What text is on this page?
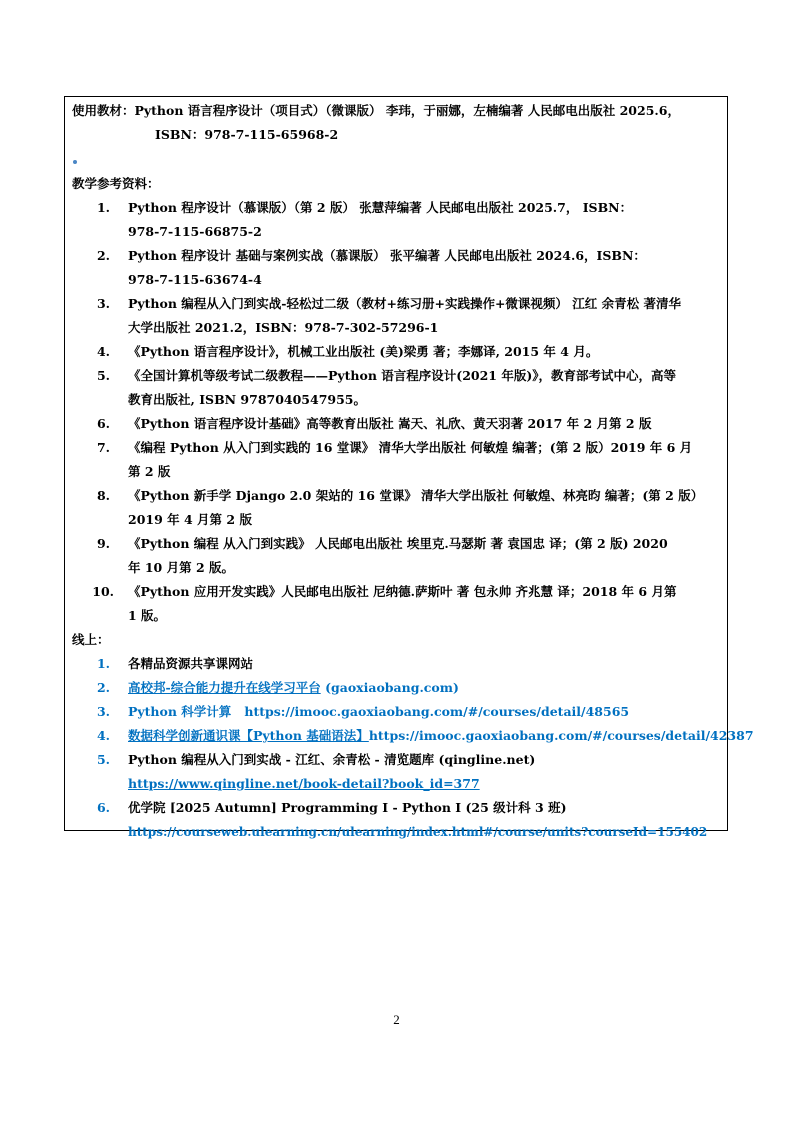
使用教材：Python 语言程序设计（项目式）（微课版） 李玮，于丽娜，左楠编著 人民邮电出版社 2025.6，
ISBN：978-7-115-65968-2
教学参考资料：
1. Python 程序设计（慕课版）（第 2 版） 张慧萍编著 人民邮电出版社 2025.7， ISBN：
978-7-115-66875-2
2. Python 程序设计 基础与案例实战（慕课版） 张平编著 人民邮电出版社 2024.6，ISBN：
978-7-115-63674-4
3. Python 编程从入门到实战-轻松过二级（教材+练习册+实践操作+微课视频） 江红 余青松 著清华
大学出版社 2021.2，ISBN：978-7-302-57296-1
4. 《Python 语言程序设计》，机械工业出版社 (美)梁勇 著；李娜译, 2015 年 4 月。
5. 《全国计算机等级考试二级教程——Python 语言程序设计(2021 年版)》，教育部考试中心，高等
教育出版社, ISBN 9787040547955。
6. 《Python 语言程序设计基础》高等教育出版社 嵩天、礼欣、黄天羽著 2017 年 2 月第 2 版
7. 《编程 Python 从入门到实践的 16 堂课》 清华大学出版社 何敏煌 编著；(第 2 版）2019 年 6 月
第 2 版
8. 《Python 新手学 Django 2.0 架站的 16 堂课》 清华大学出版社 何敏煌、林亮昀 编著；(第 2 版）
2019 年 4 月第 2 版
9. 《Python 编程 从入门到实践》 人民邮电出版社 埃里克.马瑟斯 著 袁国忠 译；(第 2 版) 2020
年 10 月第 2 版。
10. 《Python 应用开发实践》人民邮电出版社 尼纳德.萨斯叶 著 包永帅 齐兆慧 译；2018 年 6 月第
1 版。
线上：
1. 各精品资源共享课网站
2. 高校邦-综合能力提升在线学习平台 (gaoxiaobang.com)
3. Python 科学计算 https://imooc.gaoxiaobang.com/#/courses/detail/48565
4. 数据科学创新通识课【Python 基础语法】https://imooc.gaoxiaobang.com/#/courses/detail/42387
5. Python 编程从入门到实战 - 江红、余青松 - 清览题库 (qingline.net)
https://www.qingline.net/book-detail?book_id=377
6. 优学院 [2025 Autumn] Programming I - Python I (25 级计科 3 班)
https://courseweb.ulearning.cn/ulearning/index.html#/course/units?courseId=155402
2
